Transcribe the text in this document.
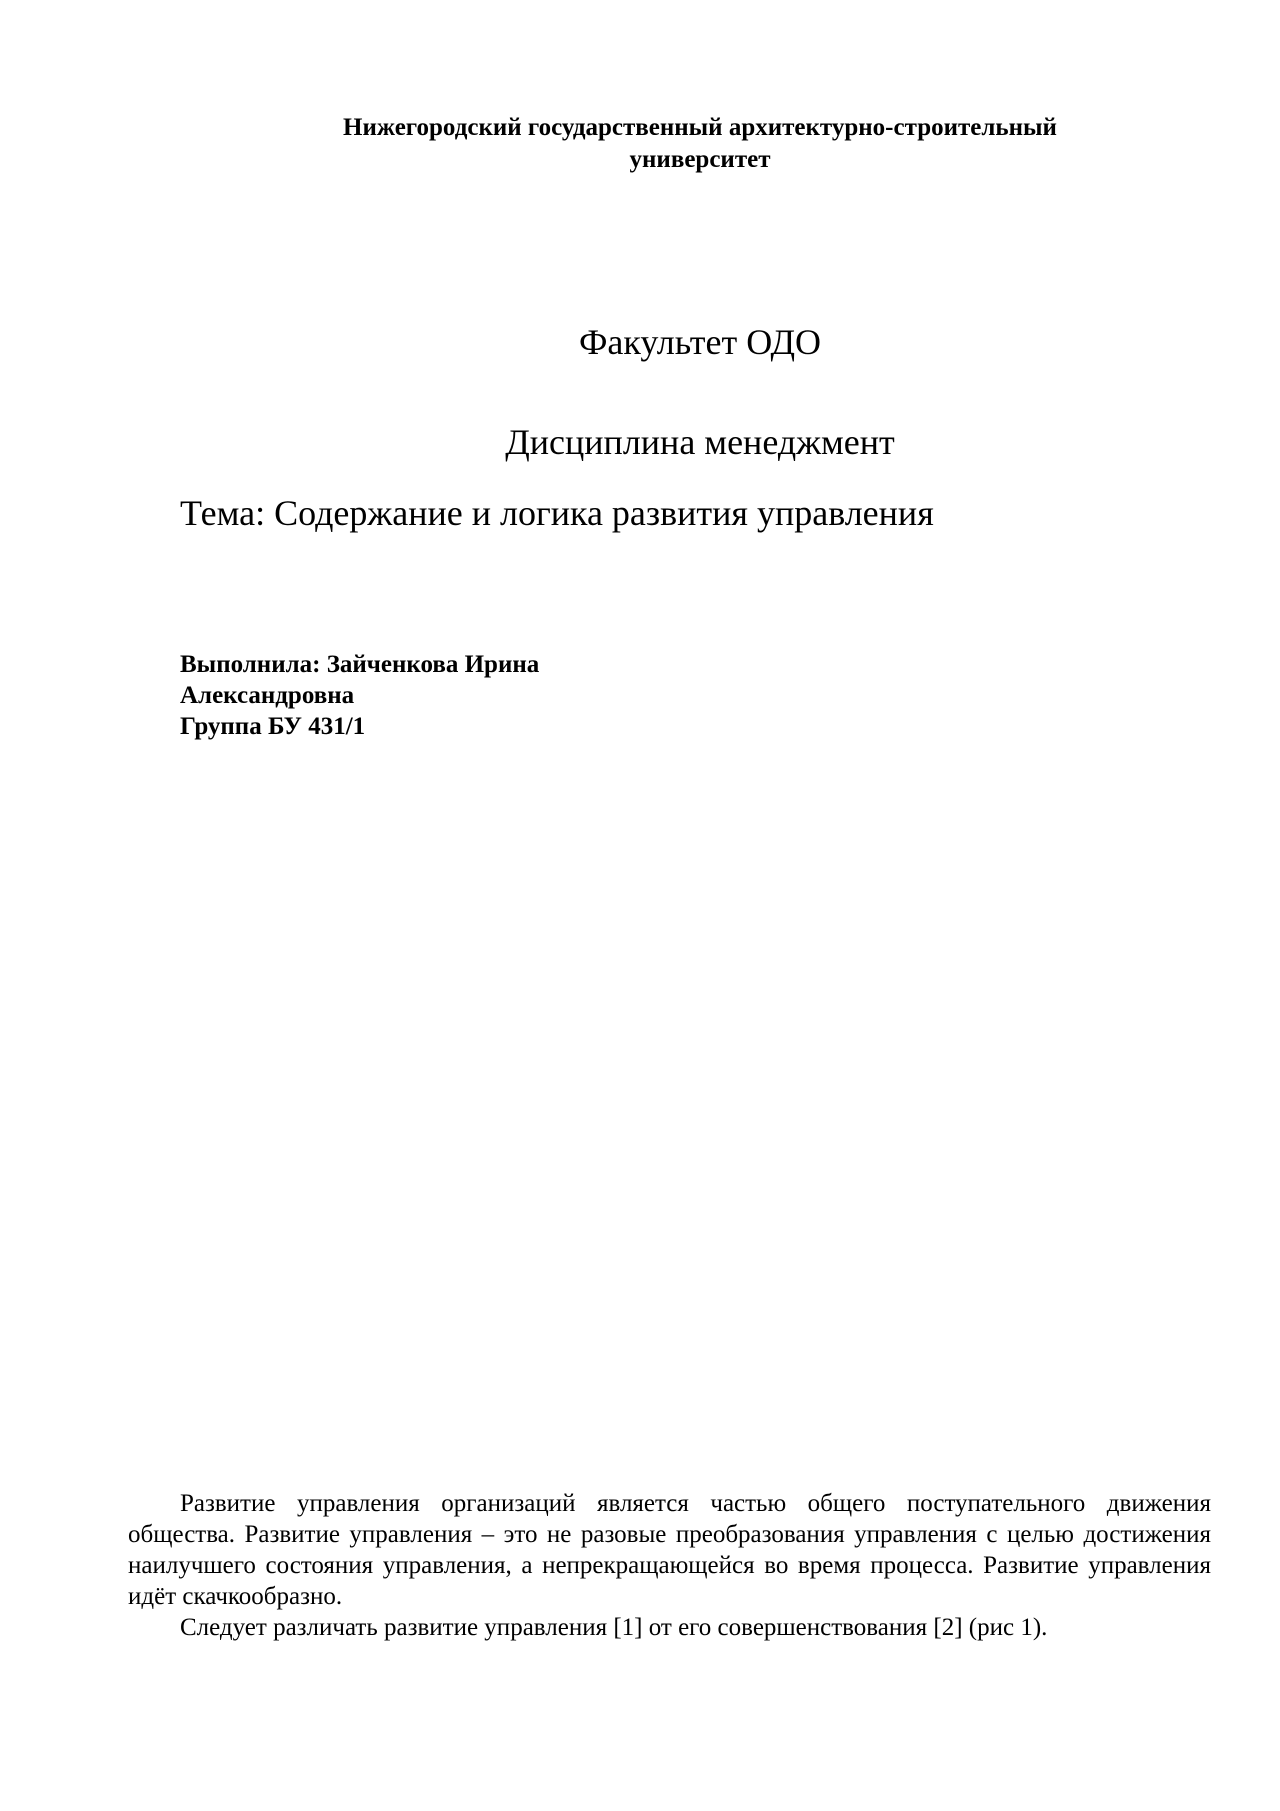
Нижегородский государственный архитектурно-строительный
университет
Факультет ОДО
Дисциплина менеджмент
Тема: Содержание и логика развития управления
Выполнила: Зайченкова Ирина
Александровна
Группа БУ 431/1

Развитие управления организаций является частью общего поступательного движения общества. Развитие управления – это не разовые преобразования управления с целью достижения наилучшего состояния управления, а непрекращающейся во время процесса. Развитие управления идёт скачкообразно.

Следует различать развитие управления [1] от его совершенствования [2] (рис 1).
